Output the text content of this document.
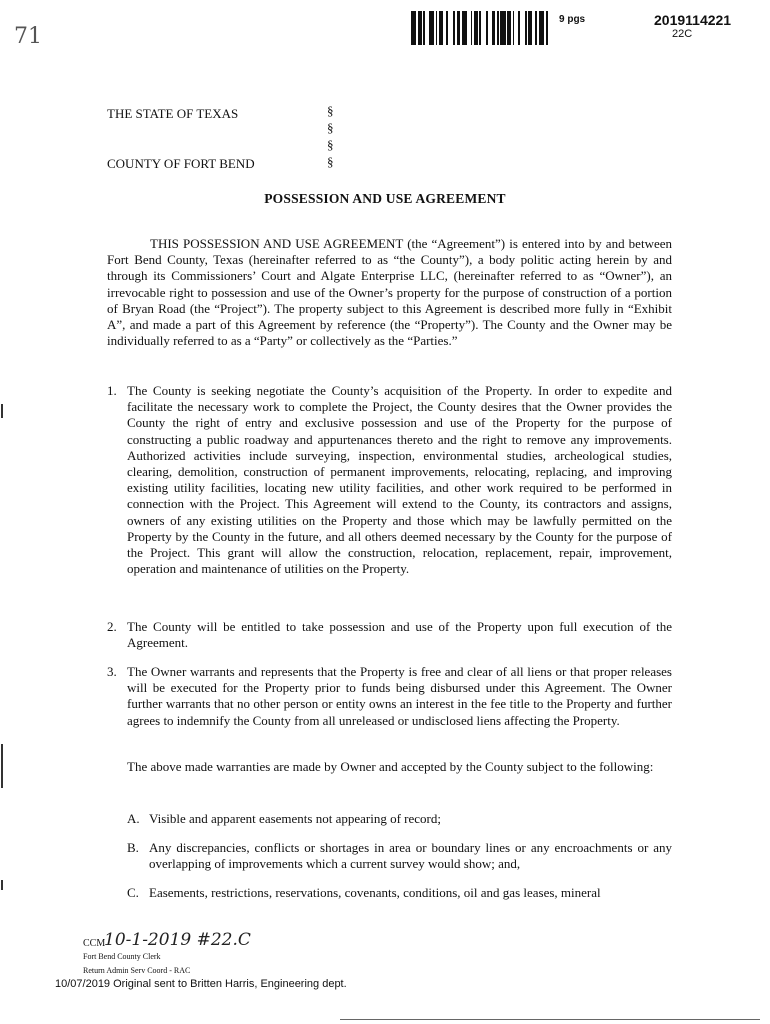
9 pgs	2019114221
22C
71
THE STATE OF TEXAS
COUNTY OF FORT BEND
§
§
§
§
POSSESSION AND USE AGREEMENT
THIS POSSESSION AND USE AGREEMENT (the “Agreement”) is entered into by and between Fort Bend County, Texas (hereinafter referred to as “the County”), a body politic acting herein by and through its Commissioners’ Court and Algate Enterprise LLC, (hereinafter referred to as “Owner”), an irrevocable right to possession and use of the Owner’s property for the purpose of construction of a portion of Bryan Road (the “Project”). The property subject to this Agreement is described more fully in “Exhibit A”, and made a part of this Agreement by reference (the “Property”). The County and the Owner may be individually referred to as a “Party” or collectively as the “Parties.”
1. The County is seeking negotiate the County’s acquisition of the Property. In order to expedite and facilitate the necessary work to complete the Project, the County desires that the Owner provides the County the right of entry and exclusive possession and use of the Property for the purpose of constructing a public roadway and appurtenances thereto and the right to remove any improvements. Authorized activities include surveying, inspection, environmental studies, archeological studies, clearing, demolition, construction of permanent improvements, relocating, replacing, and improving existing utility facilities, locating new utility facilities, and other work required to be performed in connection with the Project. This Agreement will extend to the County, its contractors and assigns, owners of any existing utilities on the Property and those which may be lawfully permitted on the Property by the County in the future, and all others deemed necessary by the County for the purpose of the Project. This grant will allow the construction, relocation, replacement, repair, improvement, operation and maintenance of utilities on the Property.
2. The County will be entitled to take possession and use of the Property upon full execution of the Agreement.
3. The Owner warrants and represents that the Property is free and clear of all liens or that proper releases will be executed for the Property prior to funds being disbursed under this Agreement. The Owner further warrants that no other person or entity owns an interest in the fee title to the Property and further agrees to indemnify the County from all unreleased or undisclosed liens affecting the Property.
The above made warranties are made by Owner and accepted by the County subject to the following:
A. Visible and apparent easements not appearing of record;
B. Any discrepancies, conflicts or shortages in area or boundary lines or any encroachments or any overlapping of improvements which a current survey would show; and,
C. Easements, restrictions, reservations, covenants, conditions, oil and gas leases, mineral
CCM
10-1-2019 #22.C
Fort Bend County Clerk
Return Admin Serv Coord - RAC
10/07/2019 Original sent to Britten Harris, Engineering dept.
